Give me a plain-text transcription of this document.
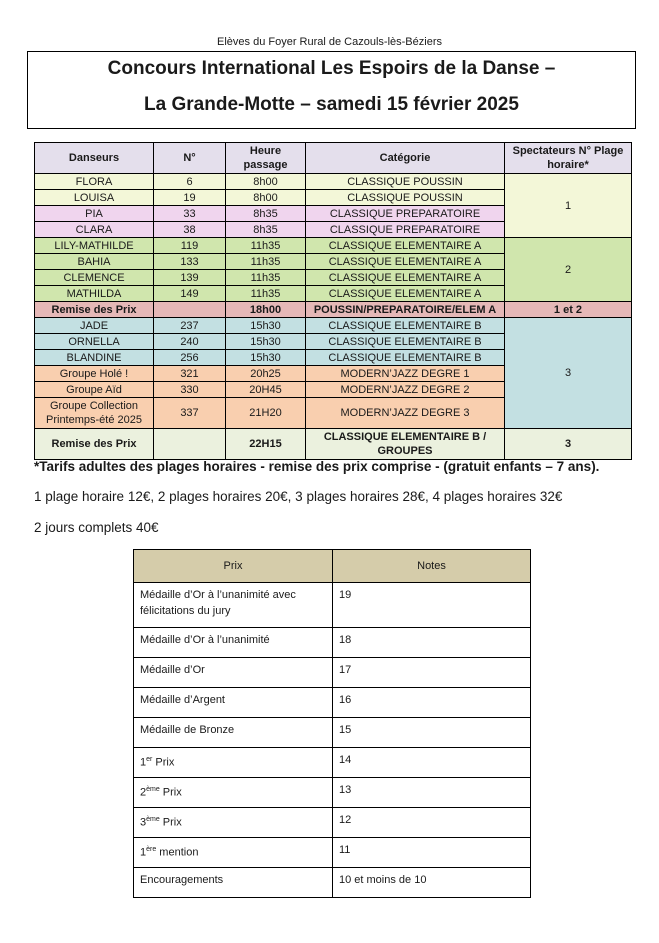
Elèves du Foyer Rural de Cazouls-lès-Béziers
Concours International Les Espoirs de la Danse –
La Grande-Motte – samedi 15 février 2025
Danseurs	N°	Heure passage	Catégorie	Spectateurs N° Plage horaire*
FLORA	6	8h00	CLASSIQUE POUSSIN	1
LOUISA	19	8h00	CLASSIQUE POUSSIN	
PIA	33	8h35	CLASSIQUE PREPARATOIRE	
CLARA	38	8h35	CLASSIQUE PREPARATOIRE	
LILY-MATHILDE	119	11h35	CLASSIQUE ELEMENTAIRE A	2
BAHIA	133	11h35	CLASSIQUE ELEMENTAIRE A	
CLEMENCE	139	11h35	CLASSIQUE ELEMENTAIRE A	
MATHILDA	149	11h35	CLASSIQUE ELEMENTAIRE A	
Remise des Prix		18h00	POUSSIN/PREPARATOIRE/ELEM A	1 et 2
JADE	237	15h30	CLASSIQUE ELEMENTAIRE B	3
ORNELLA	240	15h30	CLASSIQUE ELEMENTAIRE B	
BLANDINE	256	15h30	CLASSIQUE ELEMENTAIRE B	
Groupe Holé !	321	20h25	MODERN’JAZZ DEGRE 1	
Groupe Aïd	330	20H45	MODERN’JAZZ DEGRE 2	
Groupe Collection Printemps-été 2025	337	21H20	MODERN’JAZZ DEGRE 3	
Remise des Prix		22H15	CLASSIQUE ELEMENTAIRE B / GROUPES	3
*Tarifs adultes des plages horaires - remise des prix comprise - (gratuit enfants – 7 ans).
1 plage horaire 12€, 2 plages horaires 20€, 3 plages horaires 28€, 4 plages horaires 32€
2 jours complets 40€
Prix	Notes
Médaille d’Or à l’unanimité avec félicitations du jury	19
Médaille d’Or à l’unanimité	18
Médaille d’Or	17
Médaille d’Argent	16
Médaille de Bronze	15
1er Prix	14
2ème Prix	13
3ème Prix	12
1ère mention	11
Encouragements	10 et moins de 10
